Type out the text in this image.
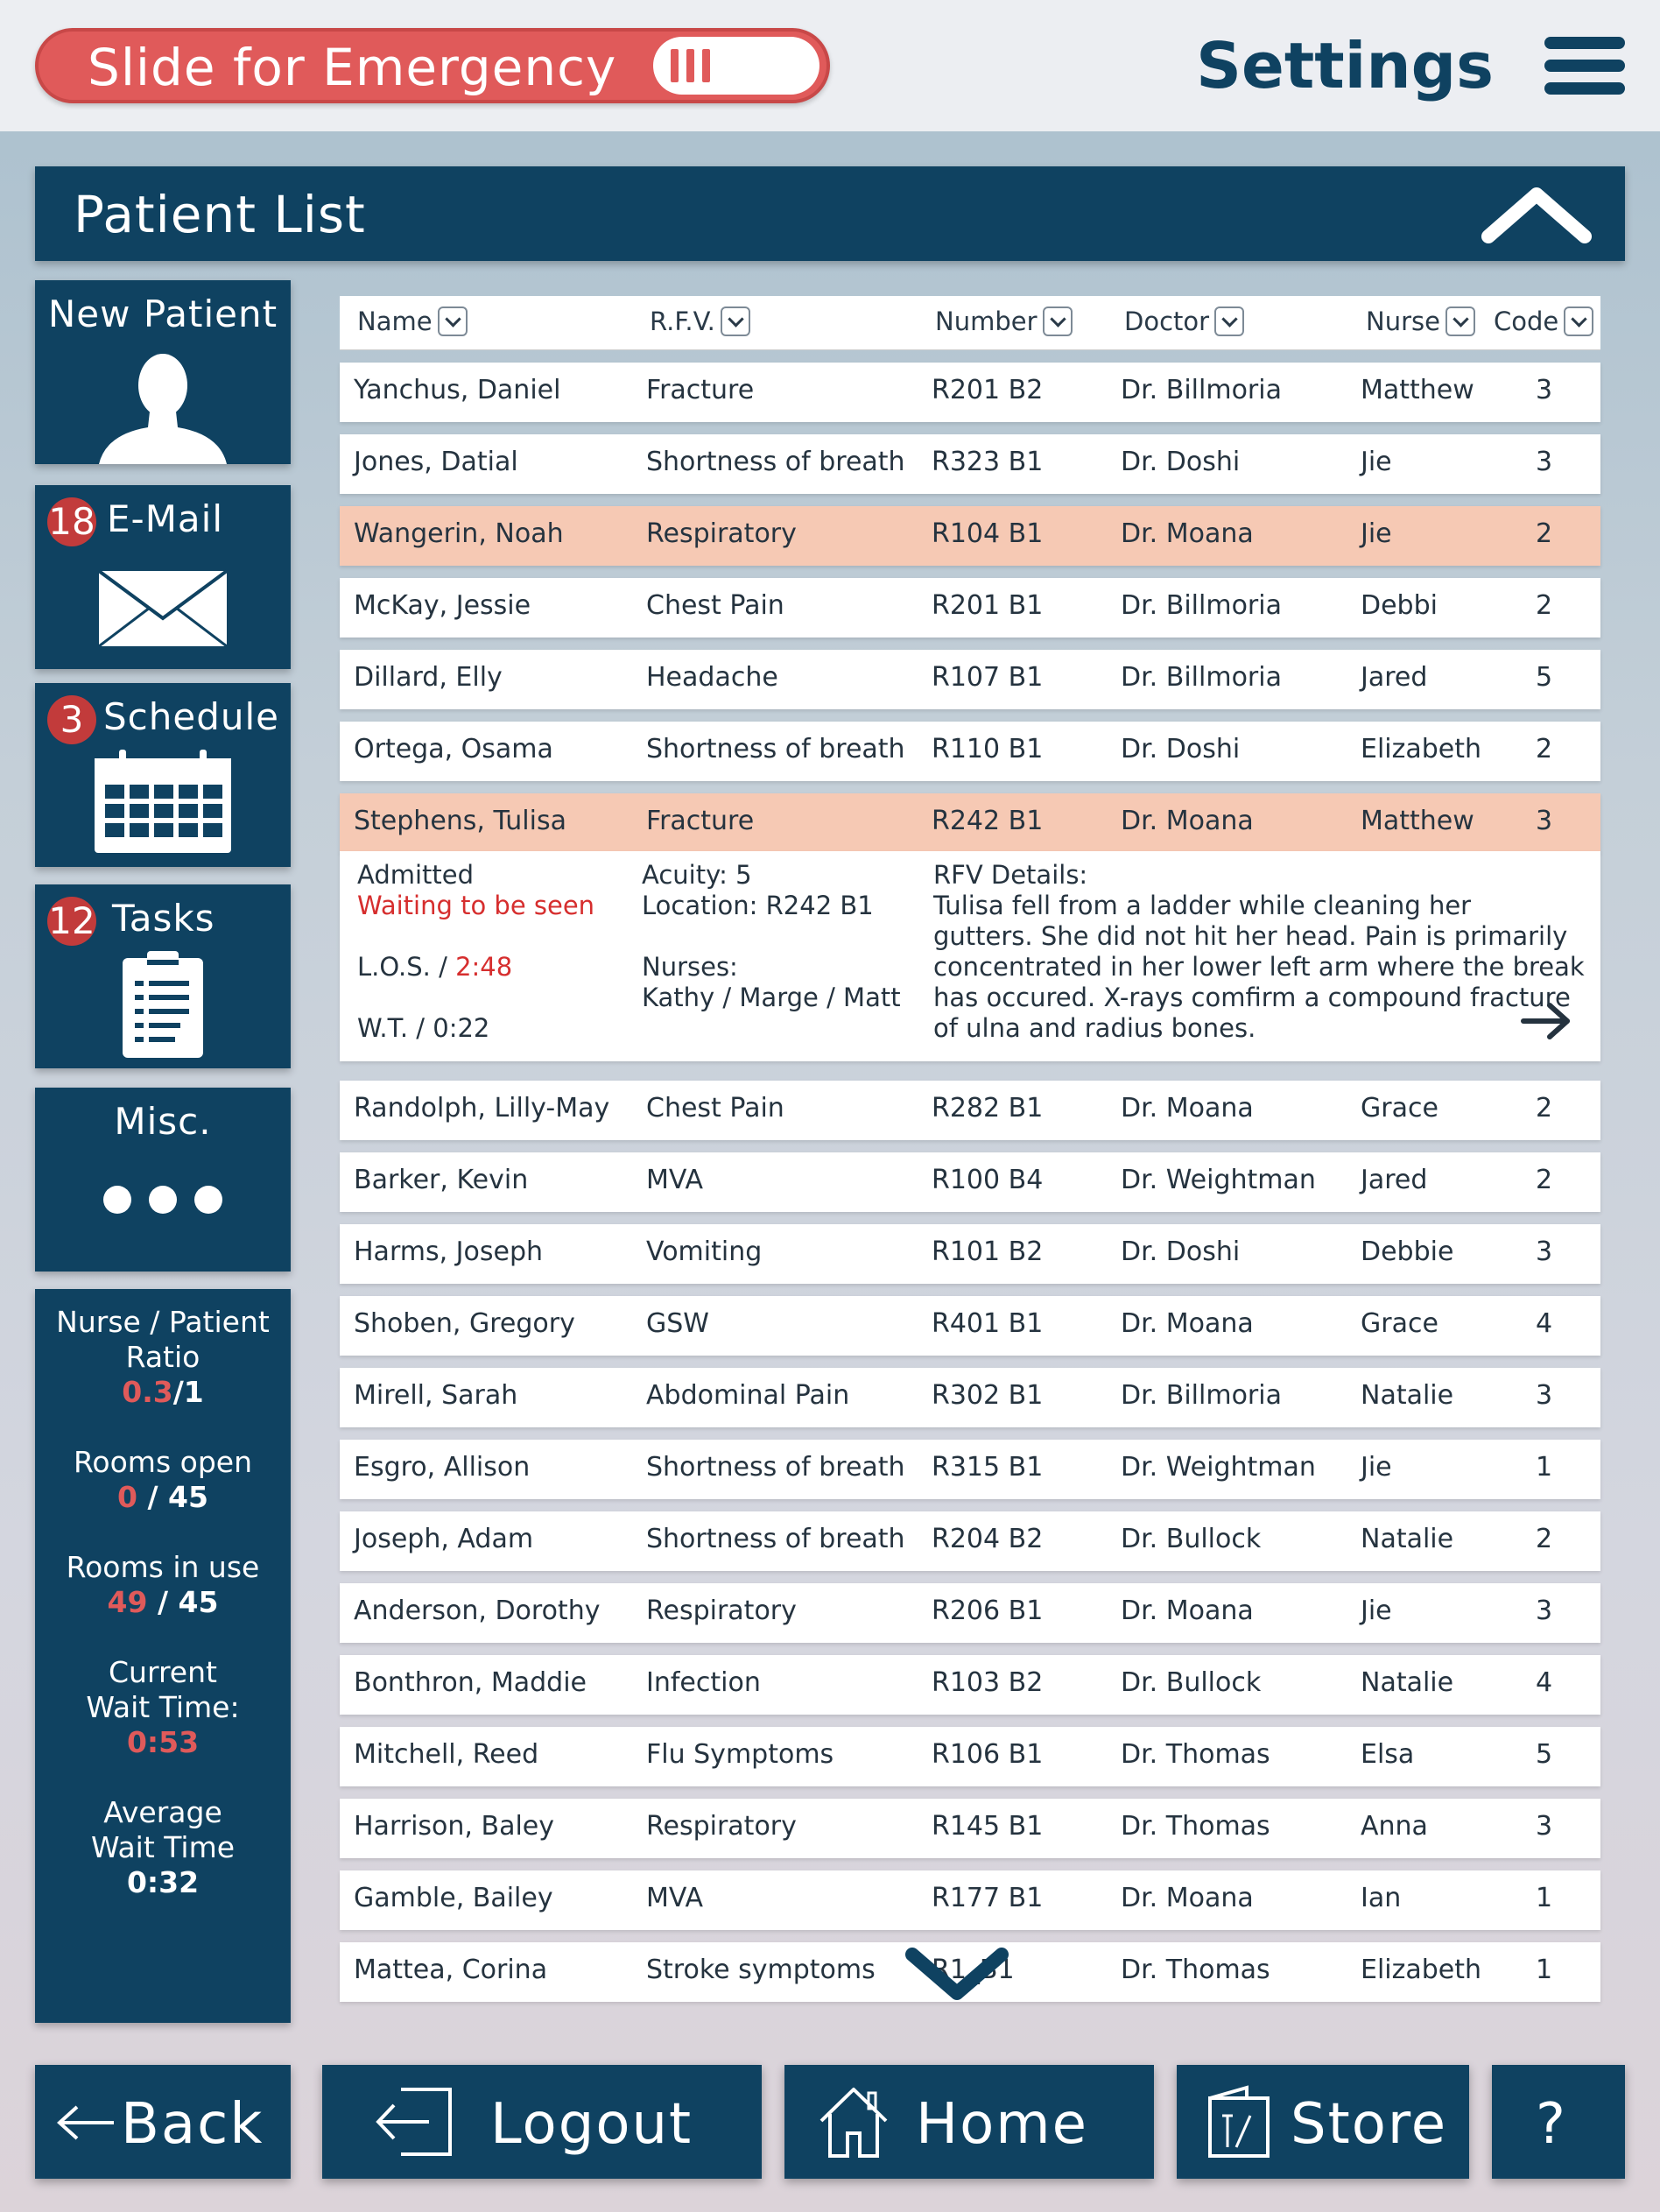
Slide for Emergency	Settings
Patient List
New Patient
18 E-Mail
3 Schedule
12 Tasks
Misc.
Nurse / Patient
Ratio
0.3/1
Rooms open
0 / 45
Rooms in use
49 / 45
Current
Wait Time:
0:53
Average
Wait Time
0:32
Name	R.F.V.	Number	Doctor	Nurse Code
Yanchus, Daniel	Fracture	R201 B2	Dr. Billmoria	Matthew 3
Jones, Datial	Shortness of breath R323 B1	Dr. Doshi	Jie	3
Wangerin, Noah	Respiratory	R104 B1	Dr. Moana	Jie	2
McKay, Jessie	Chest Pain	R201 B1	Dr. Billmoria	Debbi	2
Dillard, Elly	Headache	R107 B1	Dr. Billmoria	Jared	5
Ortega, Osama	Shortness of breath R110 B1	Dr. Doshi	Elizabeth 2
Stephens, Tulisa	Fracture	R242 B1	Dr. Moana	Matthew 3
Randolph, Lilly-May Chest Pain	R282 B1	Dr. Moana	Grace	2
Barker, Kevin	MVA	R100 B4	Dr. Weightman Jared	2
Harms, Joseph	Vomiting	R101 B2	Dr. Doshi	Debbie	3
Shoben, Gregory	GSW	R401 B1	Dr. Moana	Grace	4
Mirell, Sarah	Abdominal Pain	R302 B1	Dr. Billmoria	Natalie	3
Esgro, Allison	Shortness of breath R315 B1	Dr. Weightman Jie	1
Joseph, Adam	Shortness of breath R204 B2	Dr. Bullock	Natalie	2
Anderson, Dorothy Respiratory	R206 B1	Dr. Moana	Jie	3
Bonthron, Maddie Infection	R103 B2	Dr. Bullock	Natalie	4
Mitchell, Reed	Flu Symptoms	R106 B1	Dr. Thomas	Elsa	5
Harrison, Baley	Respiratory	R145 B1	Dr. Thomas	Anna	3
Gamble, Bailey	MVA	R177 B1	Dr. Moana	Ian	1
Mattea, Corina	Stroke symptoms R1_B1	Dr. Thomas	Elizabeth 1
Admitted
Waiting to be seen
L.O.S. / 2:48
W.T. / 0:22
Acuity: 5
Location: R242 B1
Nurses:
Kathy / Marge / Matt
RFV Details:
Tulisa fell from a ladder while cleaning her
gutters. She did not hit her head. Pain is primarily
concentrated in her lower left arm where the break
has occured. X-rays comfirm a compound fracture
of ulna and radius bones.
Back	Logout	Home	Store ?
